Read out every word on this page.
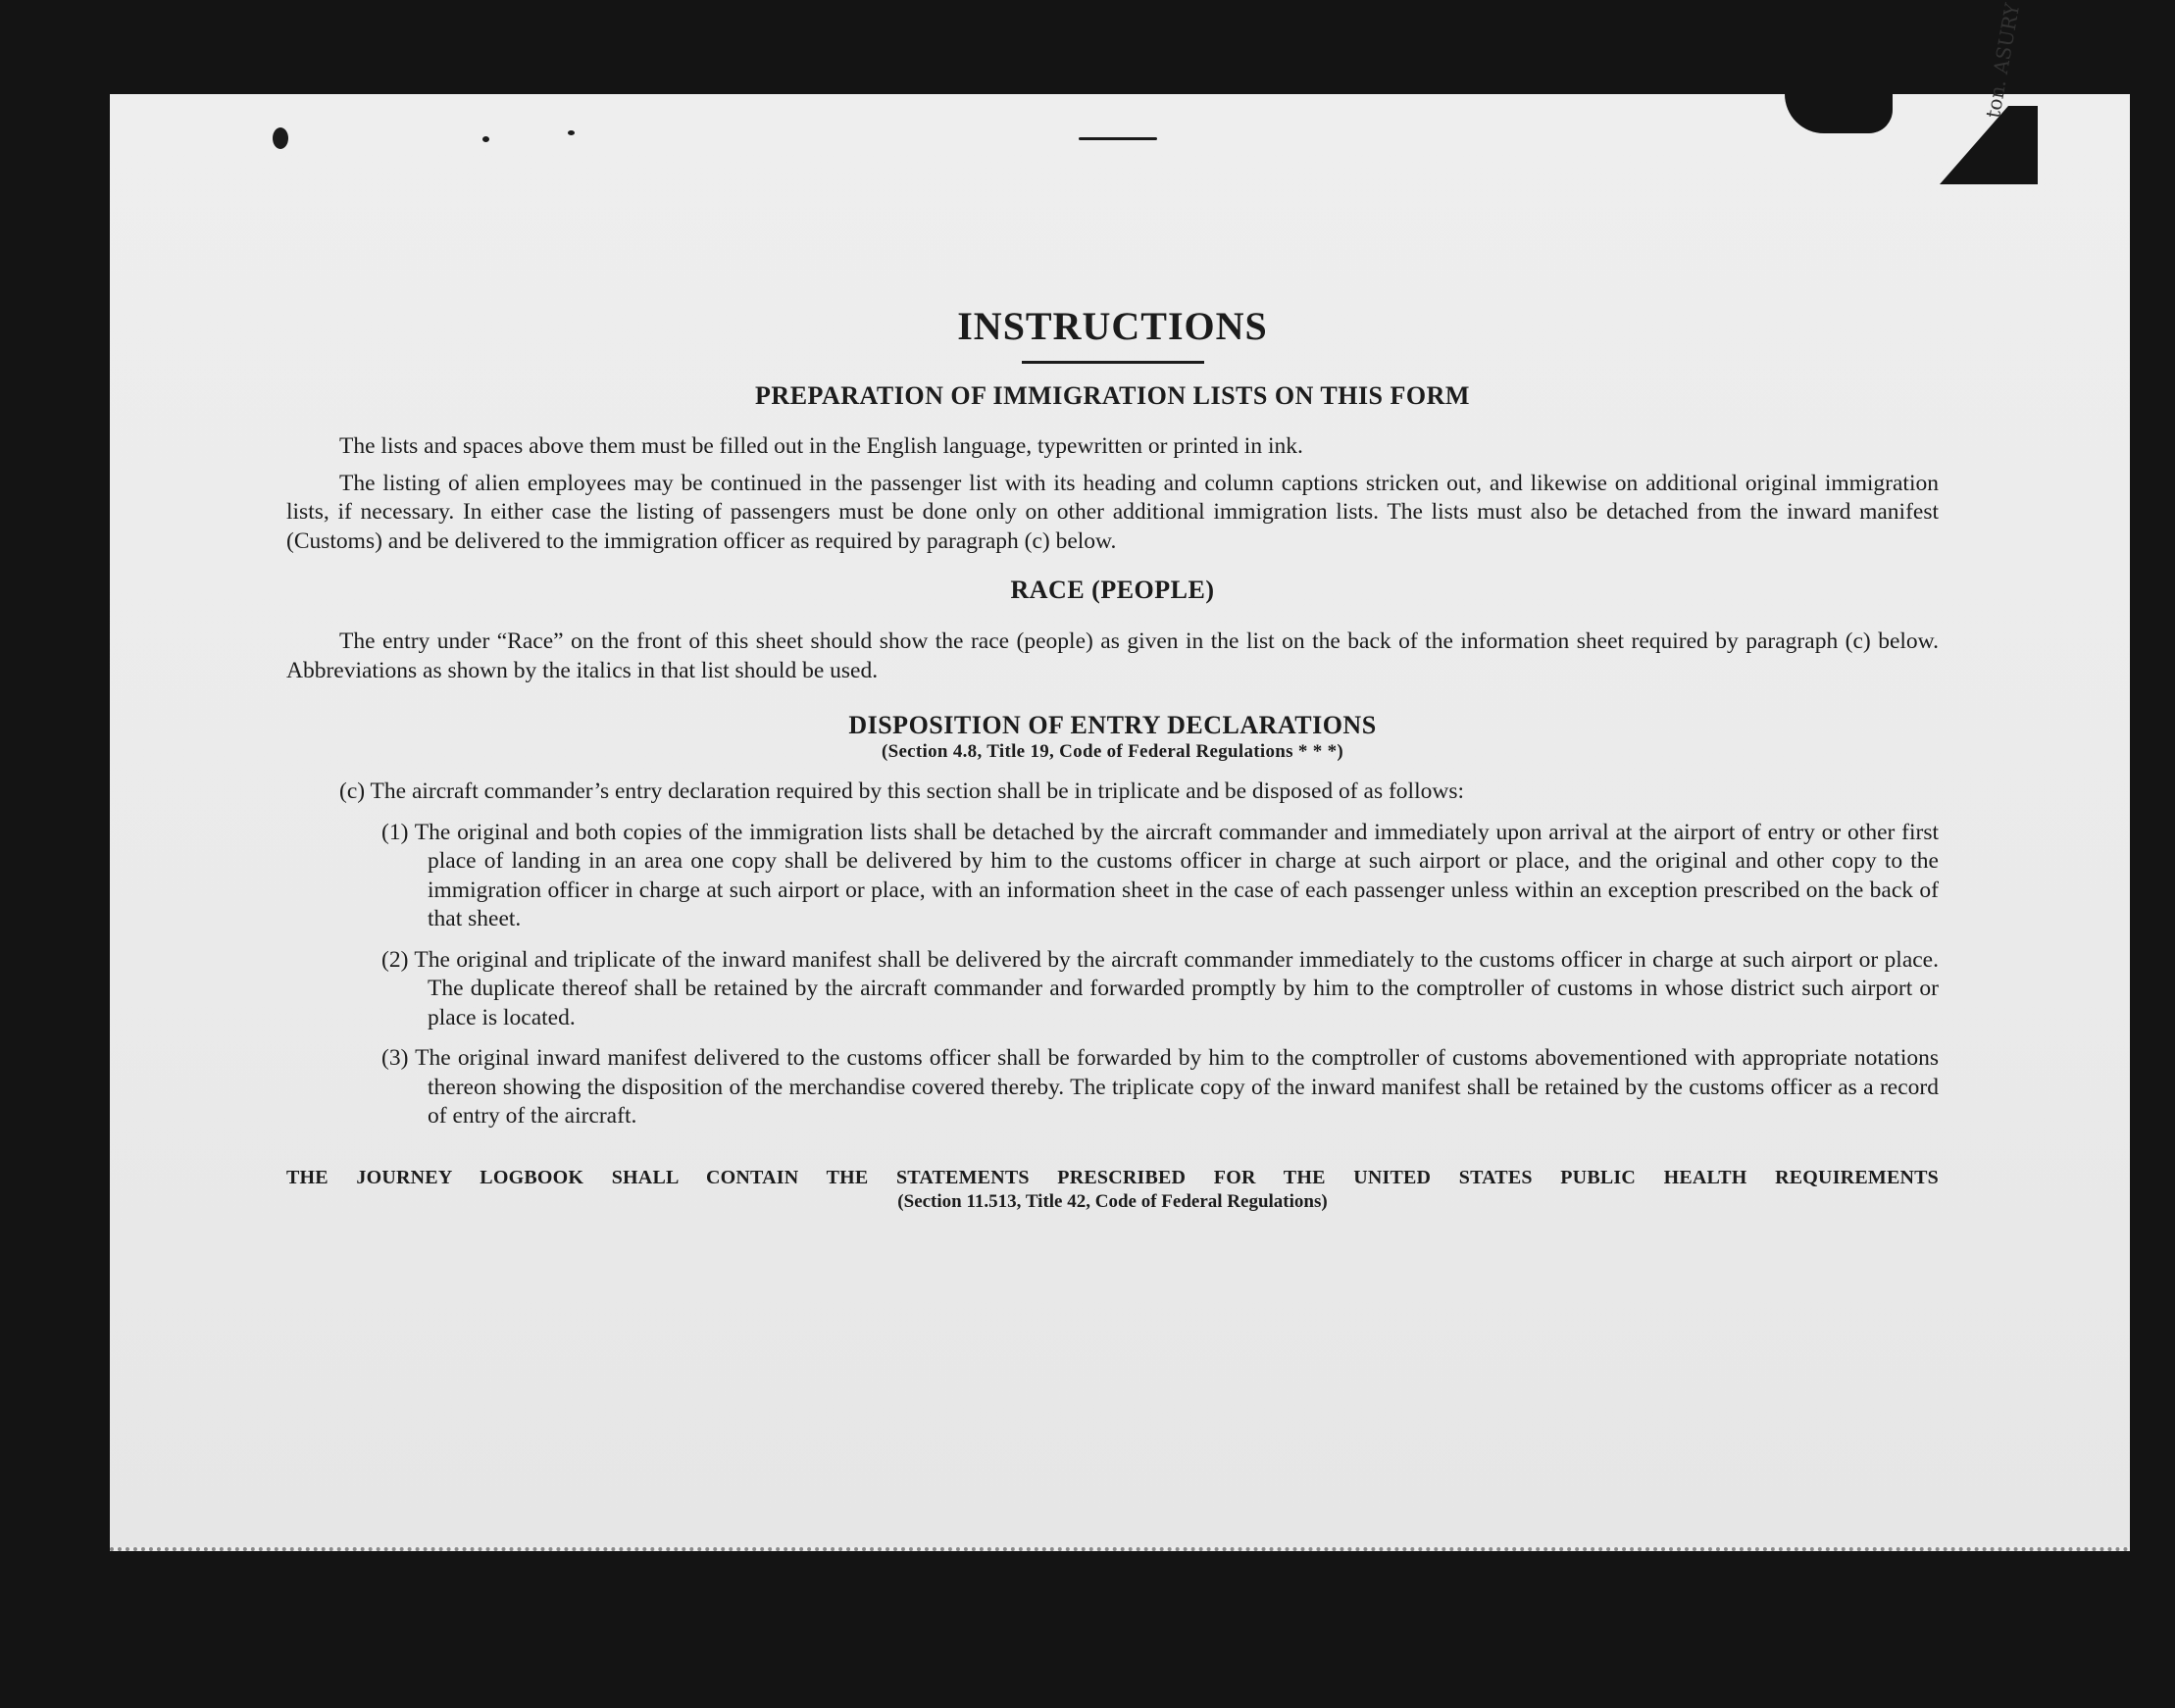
ton. ASURY
INSTRUCTIONS
PREPARATION OF IMMIGRATION LISTS ON THIS FORM

The lists and spaces above them must be filled out in the English language, typewritten or printed in ink.

The listing of alien employees may be continued in the passenger list with its heading and column captions stricken out, and likewise on additional original immigration lists, if necessary. In either case the listing of passengers must be done only on other additional immigration lists. The lists must also be detached from the inward manifest (Customs) and be delivered to the immigration officer as required by paragraph (c) below.

RACE (PEOPLE)

The entry under “Race” on the front of this sheet should show the race (people) as given in the list on the back of the information sheet required by paragraph (c) below. Abbreviations as shown by the italics in that list should be used.

DISPOSITION OF ENTRY DECLARATIONS
(Section 4.8, Title 19, Code of Federal Regulations * * *)

(c) The aircraft commander’s entry declaration required by this section shall be in triplicate and be disposed of as follows:

(1) The original and both copies of the immigration lists shall be detached by the aircraft commander and immediately upon arrival at the airport of entry or other first place of landing in an area one copy shall be delivered by him to the customs officer in charge at such airport or place, and the original and other copy to the immigration officer in charge at such airport or place, with an information sheet in the case of each passenger unless within an exception prescribed on the back of that sheet.

(2) The original and triplicate of the inward manifest shall be delivered by the aircraft commander immediately to the customs officer in charge at such airport or place. The duplicate thereof shall be retained by the aircraft commander and forwarded promptly by him to the comptroller of customs in whose district such airport or place is located.

(3) The original inward manifest delivered to the customs officer shall be forwarded by him to the comptroller of customs abovementioned with appropriate notations thereon showing the disposition of the merchandise covered thereby. The triplicate copy of the inward manifest shall be retained by the customs officer as a record of entry of the aircraft.

THE JOURNEY LOGBOOK SHALL CONTAIN THE STATEMENTS PRESCRIBED FOR THE UNITED STATES PUBLIC HEALTH REQUIREMENTS
(Section 11.513, Title 42, Code of Federal Regulations)
